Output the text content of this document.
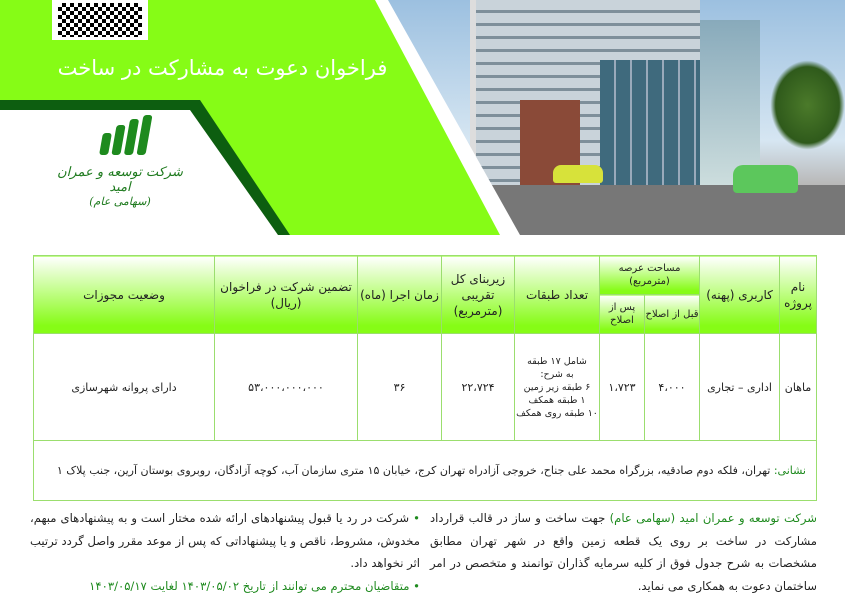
فراخوان دعوت به مشارکت در ساخت
شرکت توسعه و عمران امید
(سهامی عام)
نام پروژه	کاربری (پهنه)	مساحت عرصه (مترمربع)		تعداد طبقات	زیربنای کل تقریبی (مترمربع)	زمان اجرا (ماه)	تضمین شرکت در فراخوان (ریال)	وضعیت مجوزات
		قبل از اصلاح	پس از اصلاح					
ماهان	اداری – تجاری	۴،۰۰۰	۱،۷۲۳	شامل ۱۷ طبقه
به شرح:
۶ طبقه زیر زمین
۱ طبقه همکف
۱۰ طبقه روی همکف	۲۲،۷۲۴	۳۶	۵۳،۰۰۰،۰۰۰،۰۰۰	دارای پروانه شهرسازی
نشانی: تهران، فلکه دوم صادقیه، بزرگراه محمد علی جناح، خروجی آزادراه تهران کرج، خیابان ۱۵ متری سازمان آب، کوچه آزادگان، روبروی بوستان آرین، جنب پلاک ۱								
شرکت توسعه و عمران امید (سهامی عام) جهت ساخت و ساز در قالب قرارداد مشارکت در ساخت بر روی یک قطعه زمین واقع در شهر تهران مطابق مشخصات به شرح جدول فوق از کلیه سرمایه گذاران توانمند و متخصص در امر ساختمان دعوت به همکاری می نماید.
• شرکت در رد یا قبول پیشنهادهای ارائه شده مختار است و به پیشنهادهای مبهم، مخدوش، مشروط، ناقص و یا پیشنهاداتی که پس از موعد مقرر واصل گردد ترتیب اثر نخواهد داد.
• متقاضیان محترم می توانند از تاریخ ۱۴۰۳/۰۵/۰۲ لغایت ۱۴۰۳/۰۵/۱۷
